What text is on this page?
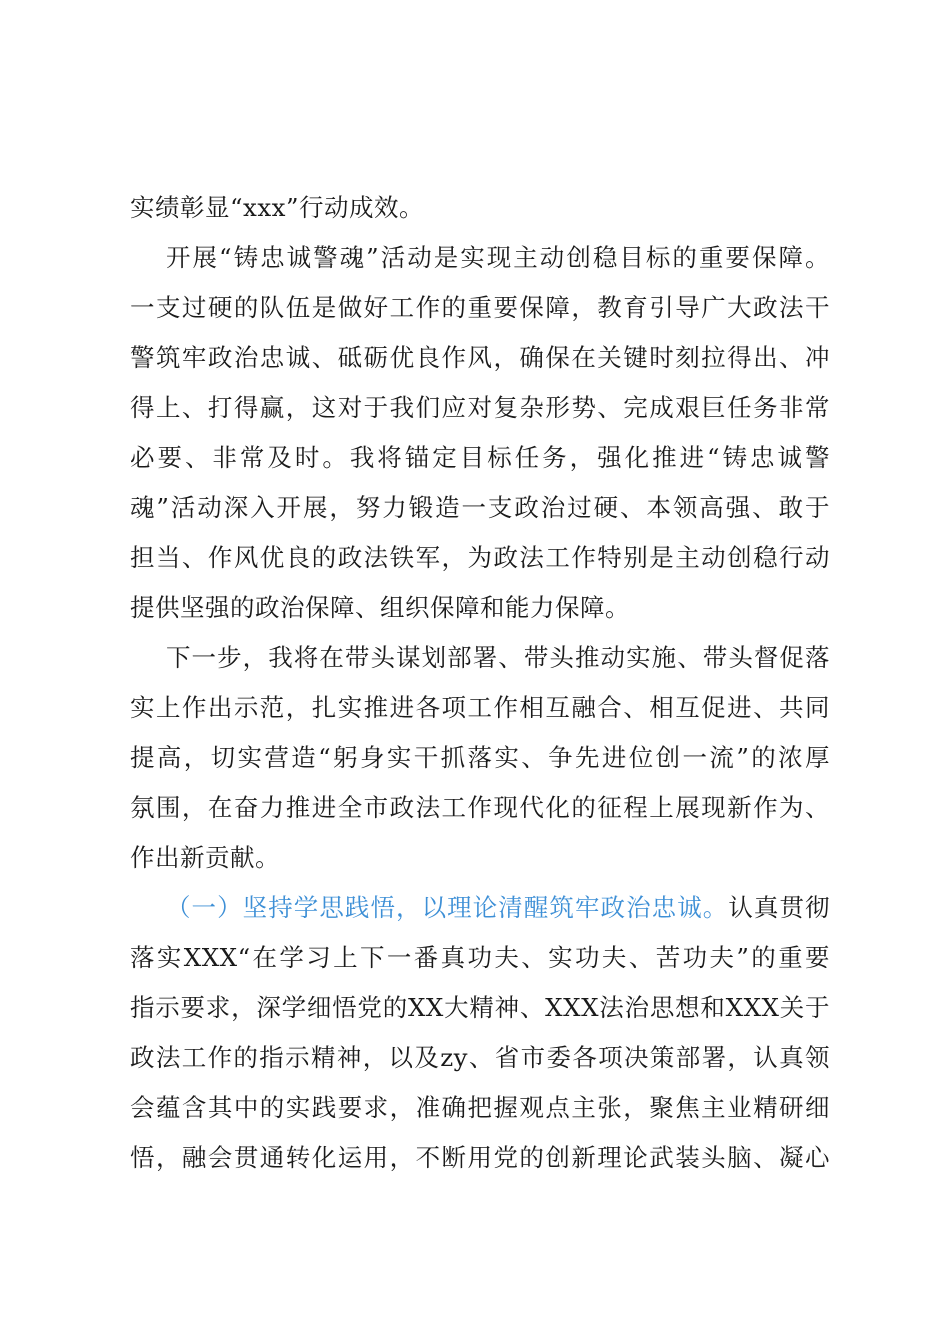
实绩彰显“xxx”行动成效。
开展“铸忠诚警魂”活动是实现主动创稳目标的重要保障。
一支过硬的队伍是做好工作的重要保障，教育引导广大政法干
警筑牢政治忠诚、砥砺优良作风，确保在关键时刻拉得出、冲
得上、打得赢，这对于我们应对复杂形势、完成艰巨任务非常
必要、非常及时。我将锚定目标任务，强化推进“铸忠诚警
魂”活动深入开展，努力锻造一支政治过硬、本领高强、敢于
担当、作风优良的政法铁军，为政法工作特别是主动创稳行动
提供坚强的政治保障、组织保障和能力保障。
下一步，我将在带头谋划部署、带头推动实施、带头督促落
实上作出示范，扎实推进各项工作相互融合、相互促进、共同
提高，切实营造“躬身实干抓落实、争先进位创一流”的浓厚
氛围，在奋力推进全市政法工作现代化的征程上展现新作为、
作出新贡献。
（一）坚持学思践悟，以理论清醒筑牢政治忠诚。认真贯彻
落实XXX“在学习上下一番真功夫、实功夫、苦功夫”的重要
指示要求，深学细悟党的XX大精神、XXX法治思想和XXX关于
政法工作的指示精神，以及zy、省市委各项决策部署，认真领
会蕴含其中的实践要求，准确把握观点主张，聚焦主业精研细
悟，融会贯通转化运用，不断用党的创新理论武装头脑、凝心
